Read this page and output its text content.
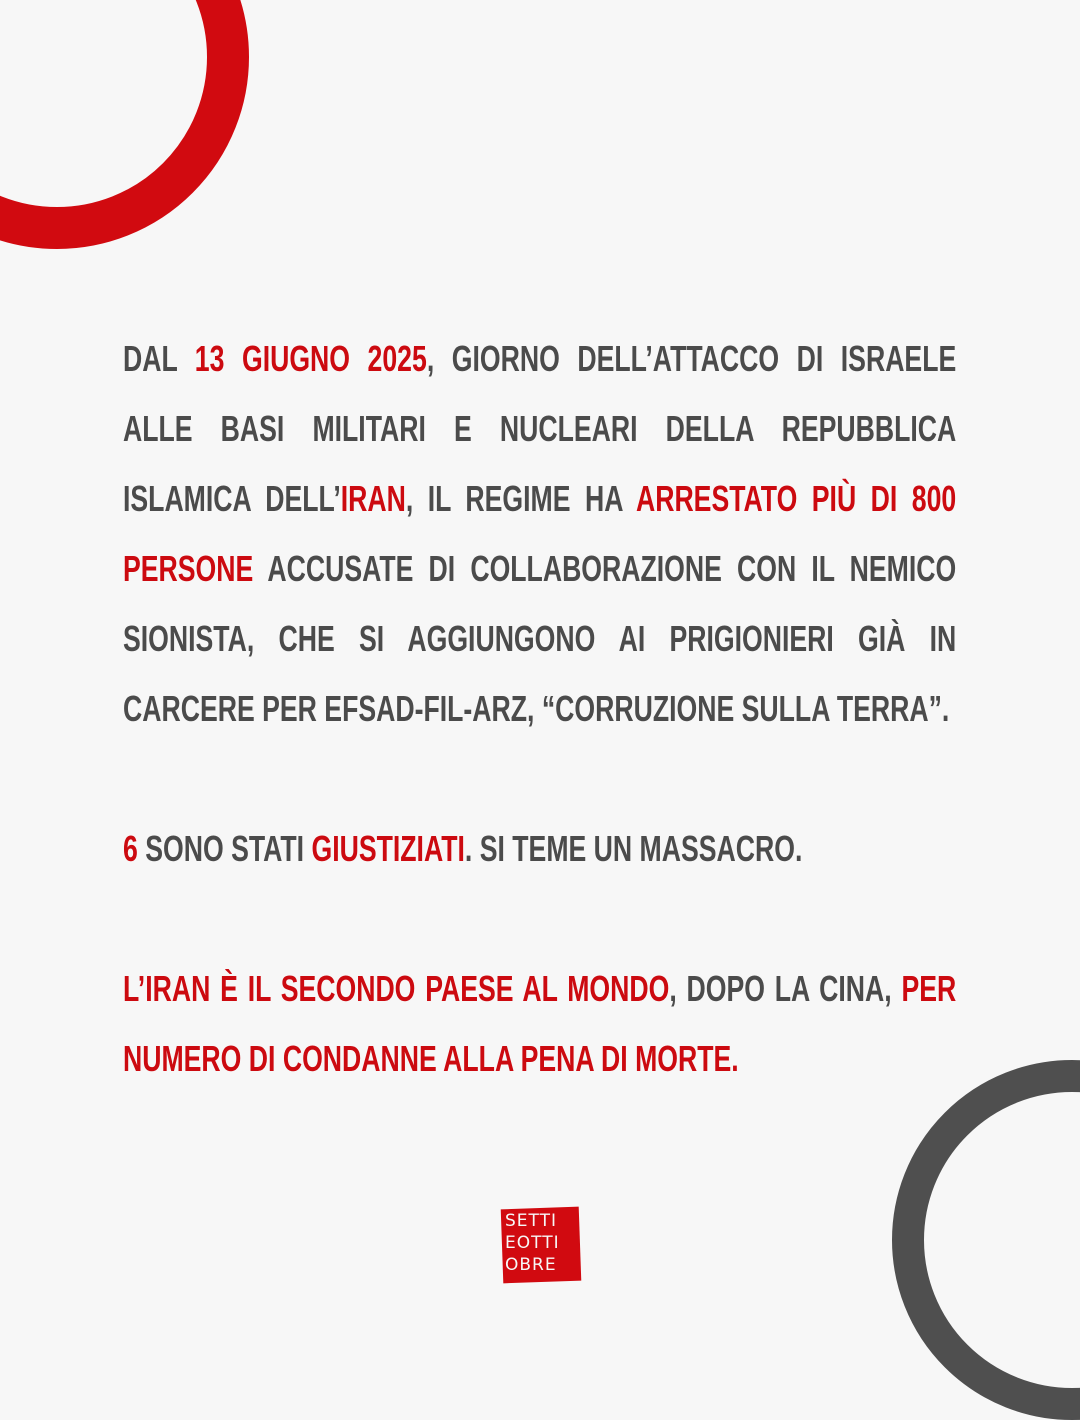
DAL 13 GIUGNO 2025, GIORNO DELL’ATTACCO DI ISRAELE ALLE BASI MILITARI E NUCLEARI DELLA REPUBBLICA ISLAMICA DELL’IRAN, IL REGIME HA ARRESTATO PIÙ DI 800 PERSONE ACCUSATE DI COLLABORAZIONE CON IL NEMICO SIONISTA, CHE SI AGGIUNGONO AI PRIGIONIERI GIÀ IN CARCERE PER EFSAD-FIL-ARZ, “CORRUZIONE SULLA TERRA”.

6 SONO STATI GIUSTIZIATI. SI TEME UN MASSACRO.

L’IRAN È IL SECONDO PAESE AL MONDO, DOPO LA CINA, PER NUMERO DI CONDANNE ALLA PENA DI MORTE.

SETTI
EOTTI
OBRE
